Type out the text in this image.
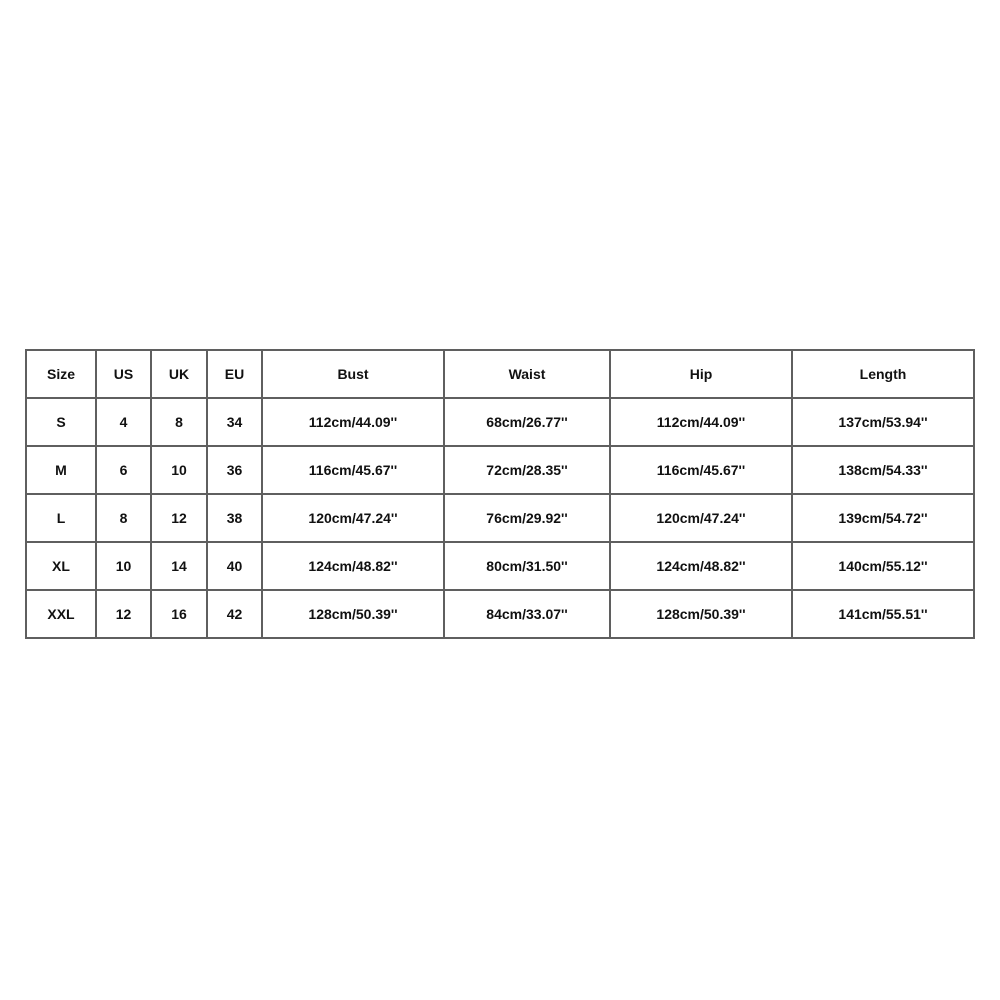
Size	US	UK	EU	Bust	Waist	Hip	Length
S	4	8	34	112cm/44.09''	68cm/26.77''	112cm/44.09''	137cm/53.94''
M	6	10	36	116cm/45.67''	72cm/28.35''	116cm/45.67''	138cm/54.33''
L	8	12	38	120cm/47.24''	76cm/29.92''	120cm/47.24''	139cm/54.72''
XL	10	14	40	124cm/48.82''	80cm/31.50''	124cm/48.82''	140cm/55.12''
XXL	12	16	42	128cm/50.39''	84cm/33.07''	128cm/50.39''	141cm/55.51''
